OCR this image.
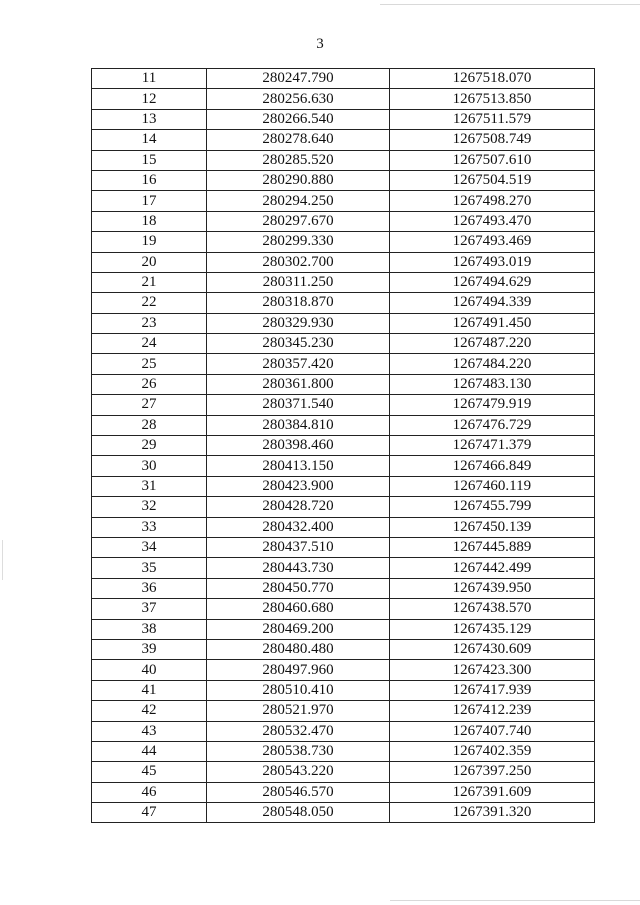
3
11	280247.790	1267518.070
12	280256.630	1267513.850
13	280266.540	1267511.579
14	280278.640	1267508.749
15	280285.520	1267507.610
16	280290.880	1267504.519
17	280294.250	1267498.270
18	280297.670	1267493.470
19	280299.330	1267493.469
20	280302.700	1267493.019
21	280311.250	1267494.629
22	280318.870	1267494.339
23	280329.930	1267491.450
24	280345.230	1267487.220
25	280357.420	1267484.220
26	280361.800	1267483.130
27	280371.540	1267479.919
28	280384.810	1267476.729
29	280398.460	1267471.379
30	280413.150	1267466.849
31	280423.900	1267460.119
32	280428.720	1267455.799
33	280432.400	1267450.139
34	280437.510	1267445.889
35	280443.730	1267442.499
36	280450.770	1267439.950
37	280460.680	1267438.570
38	280469.200	1267435.129
39	280480.480	1267430.609
40	280497.960	1267423.300
41	280510.410	1267417.939
42	280521.970	1267412.239
43	280532.470	1267407.740
44	280538.730	1267402.359
45	280543.220	1267397.250
46	280546.570	1267391.609
47	280548.050	1267391.320
